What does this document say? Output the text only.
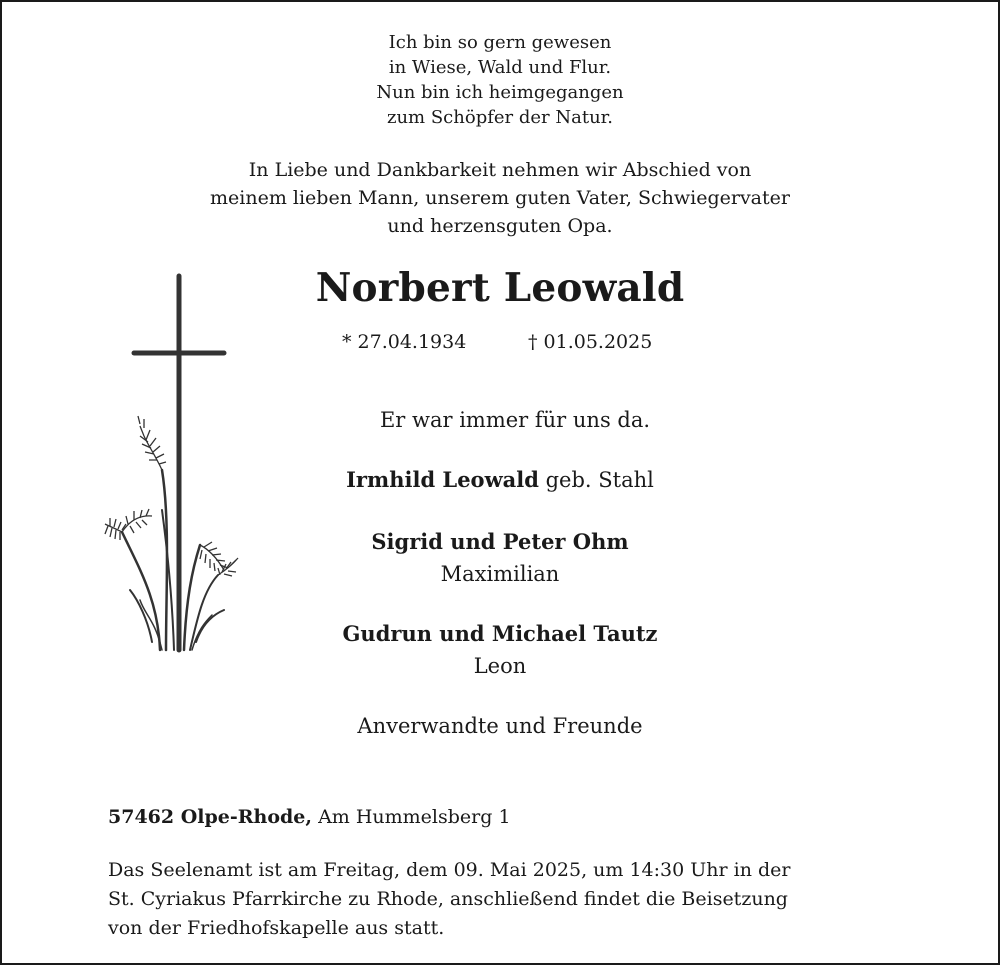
Ich bin so gern gewesen
in Wiese, Wald und Flur.
Nun bin ich heimgegangen
zum Schöpfer der Natur.
In Liebe und Dankbarkeit nehmen wir Abschied von
meinem lieben Mann, unserem guten Vater, Schwiegervater
und herzensguten Opa.
Norbert Leowald
* 27.04.1934	† 01.05.2025
Er war immer für uns da.
Irmhild Leowald geb. Stahl
Sigrid und Peter Ohm
Maximilian
Gudrun und Michael Tautz
Leon
Anverwandte und Freunde
57462 Olpe-Rhode, Am Hummelsberg 1
Das Seelenamt ist am Freitag, dem 09. Mai 2025, um 14:30 Uhr in der
St. Cyriakus Pfarrkirche zu Rhode, anschließend findet die Beisetzung
von der Friedhofskapelle aus statt.
